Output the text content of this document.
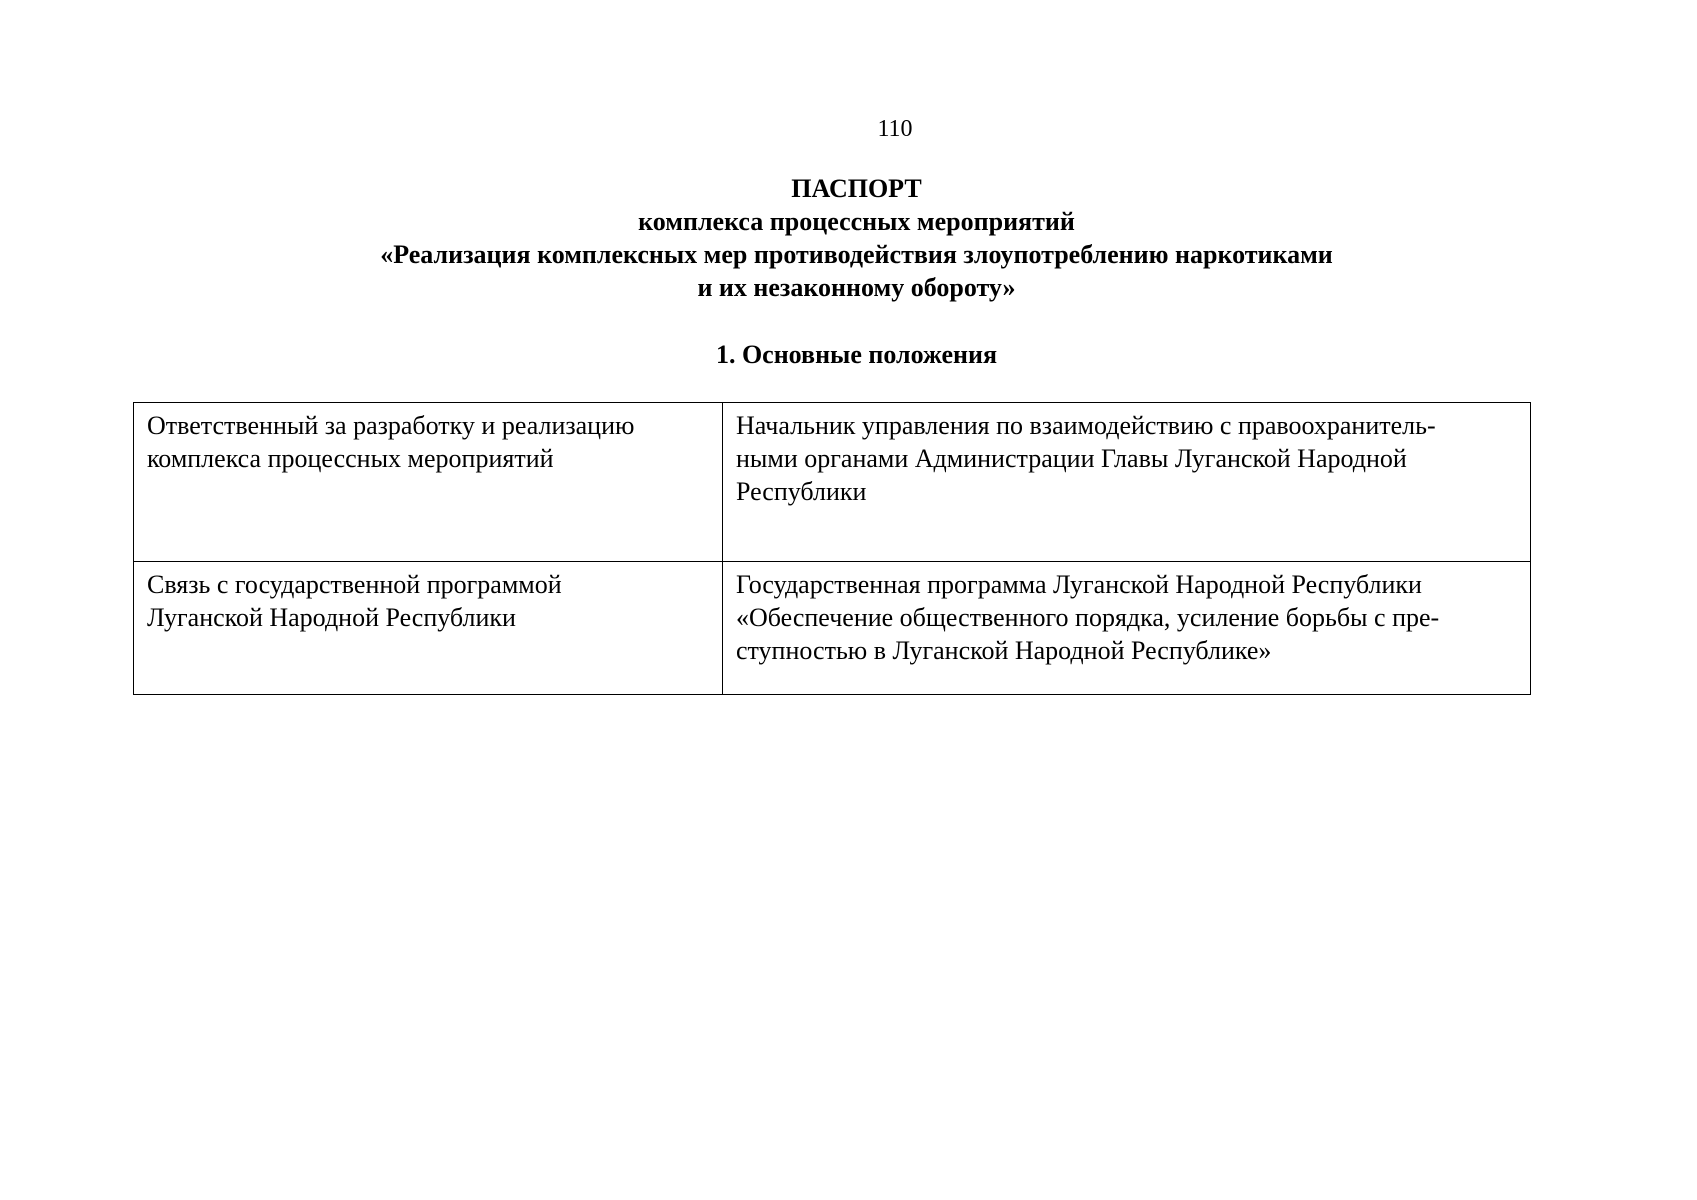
110
ПАСПОРТ
комплекса процессных мероприятий
«Реализация комплексных мер противодействия злоупотреблению наркотиками
и их незаконному обороту»
1. Основные положения
Ответственный за разработку и реализацию
комплекса процессных мероприятий	Начальник управления по взаимодействию с правоохранитель-
ными органами Администрации Главы Луганской Народной
Республики

Связь с государственной программой
Луганской Народной Республики	Государственная программа Луганской Народной Республики
«Обеспечение общественного порядка, усиление борьбы с пре-
ступностью в Луганской Народной Республике»
